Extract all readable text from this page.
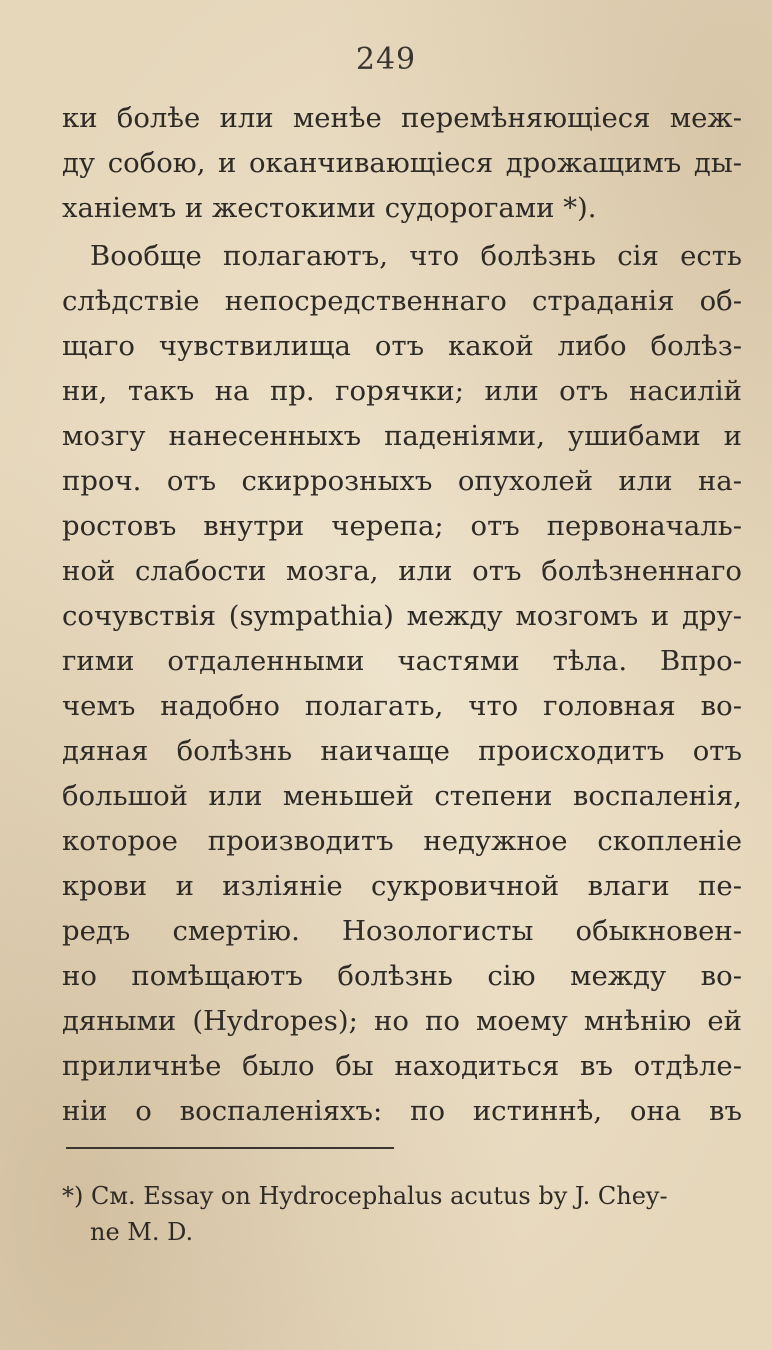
249
ки болѣе или менѣе перемѣняющіеся меж-
ду собою, и оканчивающіеся дрожащимъ ды-
ханіемъ и жестокими судорогами *).
Вообще полагаютъ, что болѣзнь сія есть
слѣдствіе непосредственнаго страданія об-
щаго чувствилища отъ какой либо болѣз-
ни, такъ на пр. горячки; или отъ насилій
мозгу нанесенныхъ паденіями, ушибами и
проч. отъ скиррозныхъ опухолей или на-
ростовъ внутри черепа; отъ первоначаль-
ной слабости мозга, или отъ болѣзненнаго
сочувствія (sympathia) между мозгомъ и дру-
гими отдаленными частями тѣла. Впро-
чемъ надобно полагать, что головная во-
дяная болѣзнь наичаще происходитъ отъ
большой или меньшей степени воспаленія,
которое производитъ недужное скопленіе
крови и изліяніе сукровичной влаги пе-
редъ смертію. Нозологисты обыкновен-
но помѣщаютъ болѣзнь сію между во-
дяными (Hydropes); но по моему мнѣнію ей
приличнѣе было бы находиться въ отдѣле-
ніи о воспаленіяхъ: по истиннѣ, она въ
*) См. Essay on Hydrocephalus acutus by J. Chey-
ne M. D.
